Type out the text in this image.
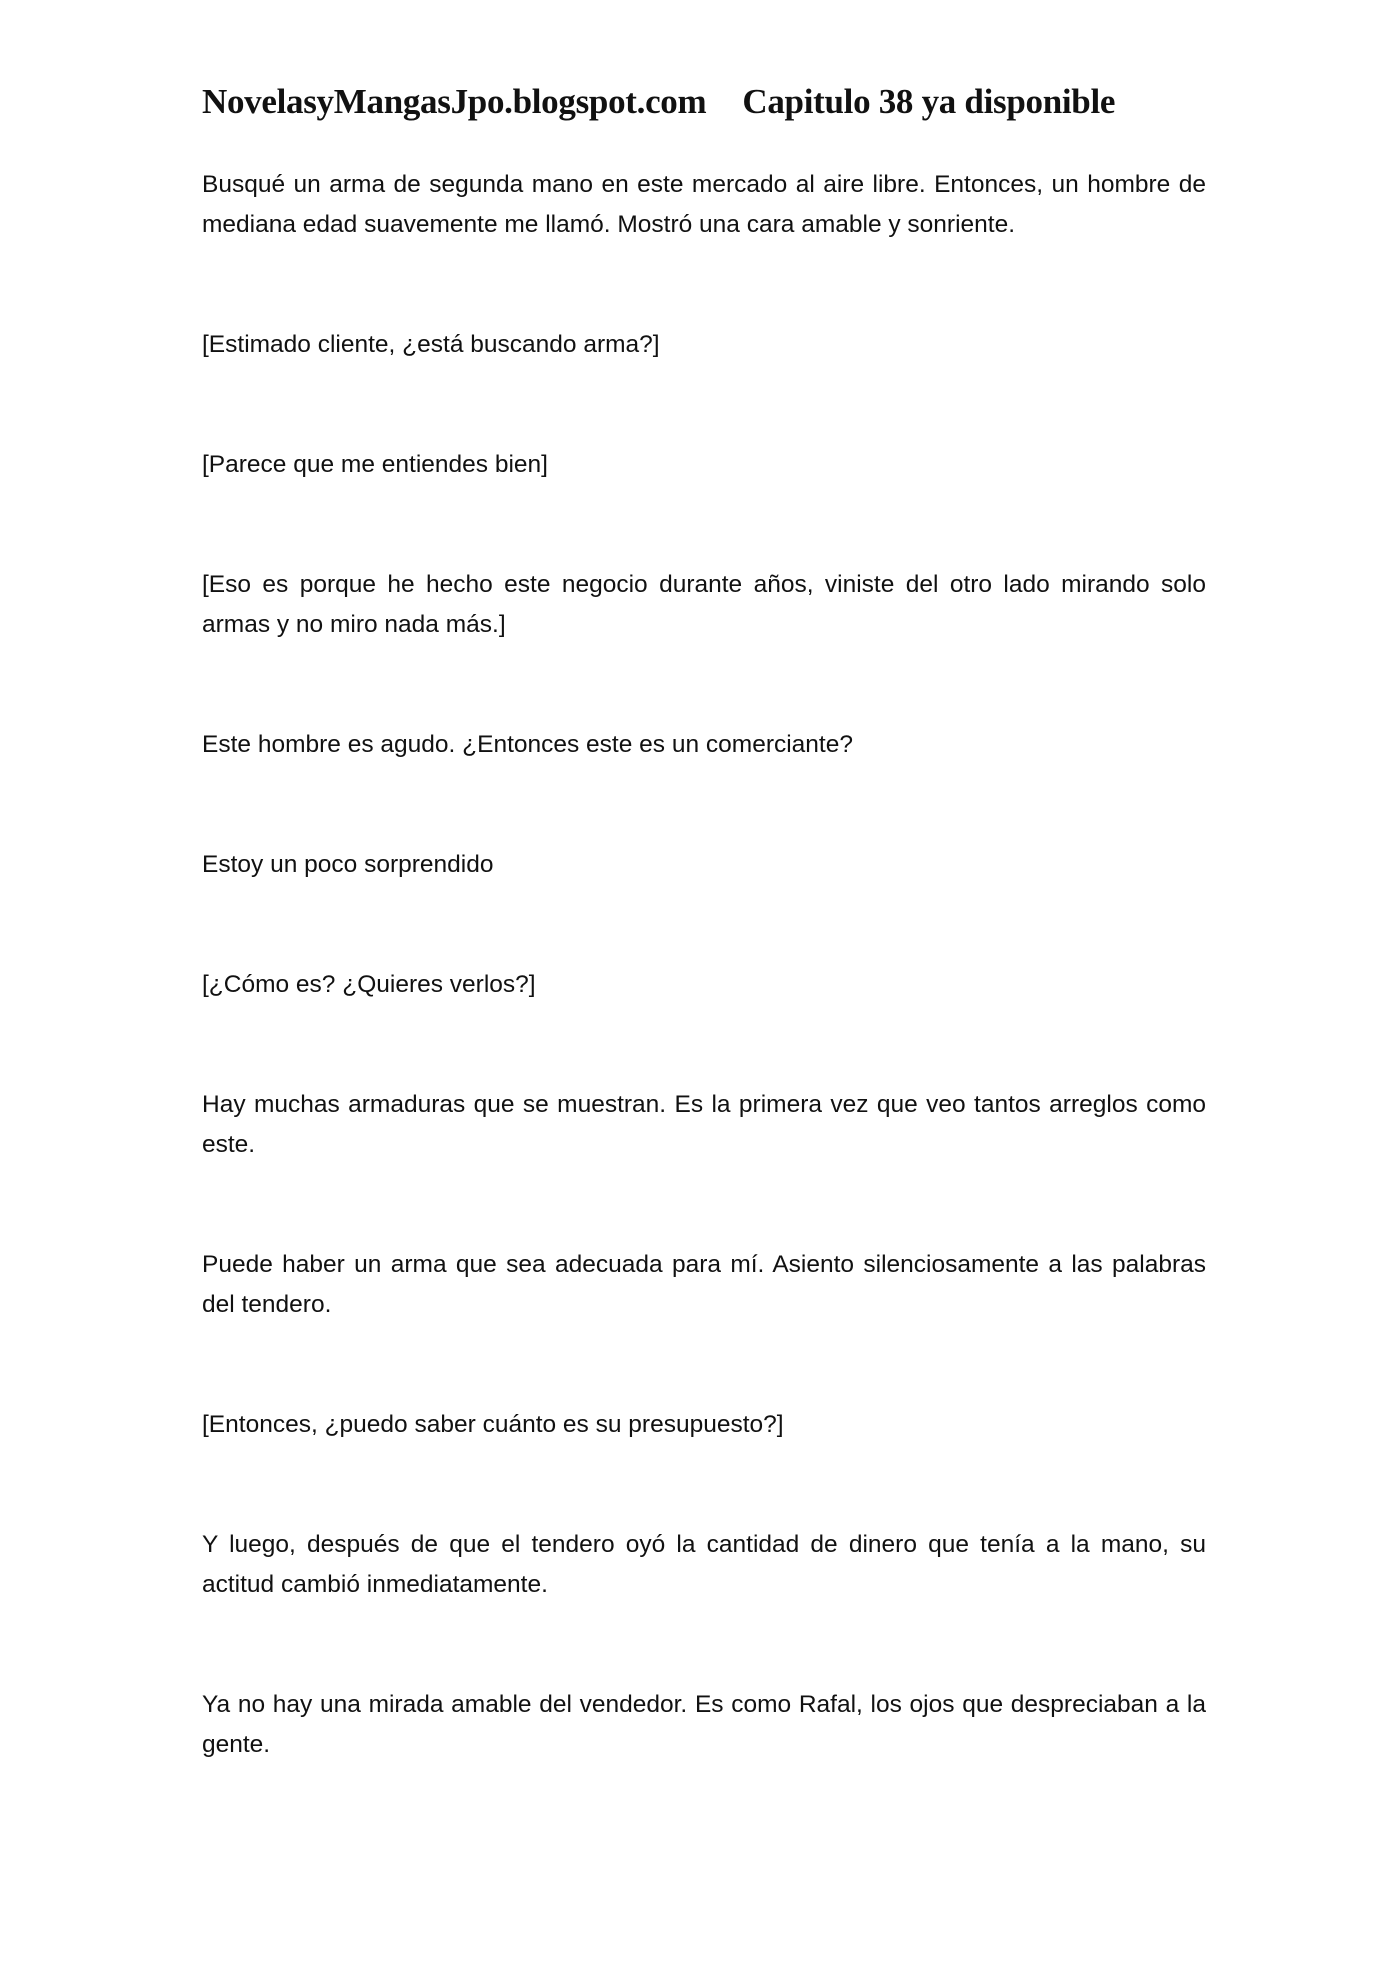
NovelasyMangasJpo.blogspot.com Capitulo 38 ya disponible

Busqué un arma de segunda mano en este mercado al aire libre. Entonces, un hombre de mediana edad suavemente me llamó. Mostró una cara amable y sonriente.

[Estimado cliente, ¿está buscando arma?]

[Parece que me entiendes bien]

[Eso es porque he hecho este negocio durante años, viniste del otro lado mirando solo armas y no miro nada más.]

Este hombre es agudo. ¿Entonces este es un comerciante?

Estoy un poco sorprendido

[¿Cómo es? ¿Quieres verlos?]

Hay muchas armaduras que se muestran. Es la primera vez que veo tantos arreglos como este.

Puede haber un arma que sea adecuada para mí. Asiento silenciosamente a las palabras del tendero.

[Entonces, ¿puedo saber cuánto es su presupuesto?]

Y luego, después de que el tendero oyó la cantidad de dinero que tenía a la mano, su actitud cambió inmediatamente.

Ya no hay una mirada amable del vendedor. Es como Rafal, los ojos que despreciaban a la gente.
